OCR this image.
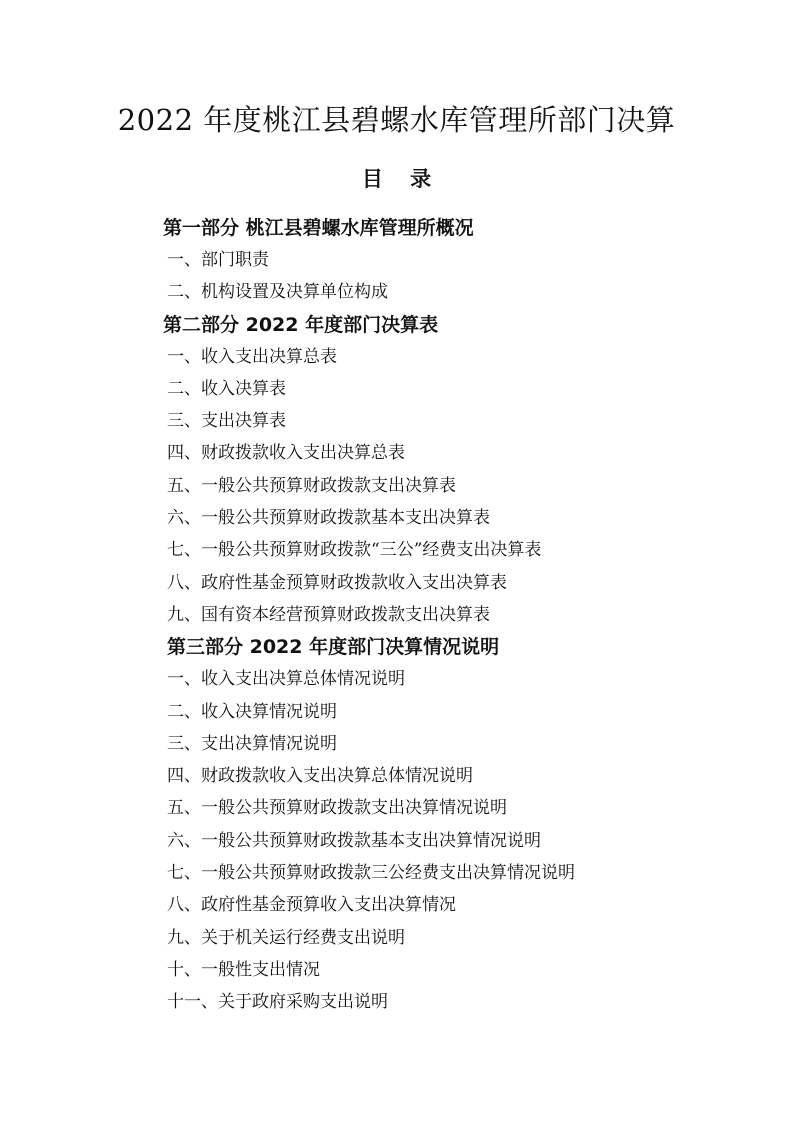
2022 年度桃江县碧螺水库管理所部门决算
目 录
第一部分 桃江县碧螺水库管理所概况
一、部门职责
二、机构设置及决算单位构成
第二部分 2022 年度部门决算表
一、收入支出决算总表
二、收入决算表
三、支出决算表
四、财政拨款收入支出决算总表
五、一般公共预算财政拨款支出决算表
六、一般公共预算财政拨款基本支出决算表
七、一般公共预算财政拨款“三公”经费支出决算表
八、政府性基金预算财政拨款收入支出决算表
九、国有资本经营预算财政拨款支出决算表
第三部分 2022 年度部门决算情况说明
一、收入支出决算总体情况说明
二、收入决算情况说明
三、支出决算情况说明
四、财政拨款收入支出决算总体情况说明
五、一般公共预算财政拨款支出决算情况说明
六、一般公共预算财政拨款基本支出决算情况说明
七、一般公共预算财政拨款三公经费支出决算情况说明
八、政府性基金预算收入支出决算情况
九、关于机关运行经费支出说明
十、一般性支出情况
十一、关于政府采购支出说明
